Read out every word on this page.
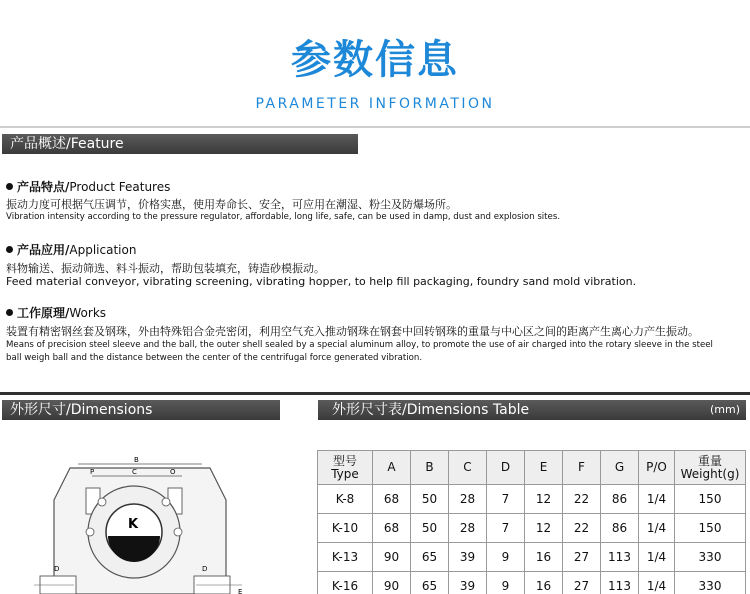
参数信息
PARAMETER INFORMATION
产品概述/Feature
产品特点/Product Features
振动力度可根据气压调节，价格实惠，使用寿命长、安全，可应用在潮湿、粉尘及防爆场所。
Vibration intensity according to the pressure regulator, affordable, long life, safe, can be used in damp, dust and explosion sites.
产品应用/Application
料物输送、振动筛选、料斗振动，帮助包装填充，铸造砂模振动。
Feed material conveyor, vibrating screening, vibrating hopper, to help fill packaging, foundry sand mold vibration.
工作原理/Works
装置有精密钢丝套及钢珠，外由特殊铝合金壳密闭，利用空气充入推动钢珠在钢套中回转钢珠的重量与中心区之间的距离产生离心力产生振动。
Means of precision steel sleeve and the ball, the outer shell sealed by a special aluminum alloy, to promote the use of air charged into the rotary sleeve in the steel
ball weigh ball and the distance between the center of the centrifugal force generated vibration.
外形尺寸/Dimensions	外形尺寸表/Dimensions Table	(mm)
B
C
P	O
K
D	D
E
型号
Type	A	B	C	D	E	F	G	P/O	重量
Weight(g)
K-8	68	50	28	7	12	22	86	1/4	150
K-10	68	50	28	7	12	22	86	1/4	150
K-13	90	65	39	9	16	27	113	1/4	330
K-16	90	65	39	9	16	27	113	1/4	330
